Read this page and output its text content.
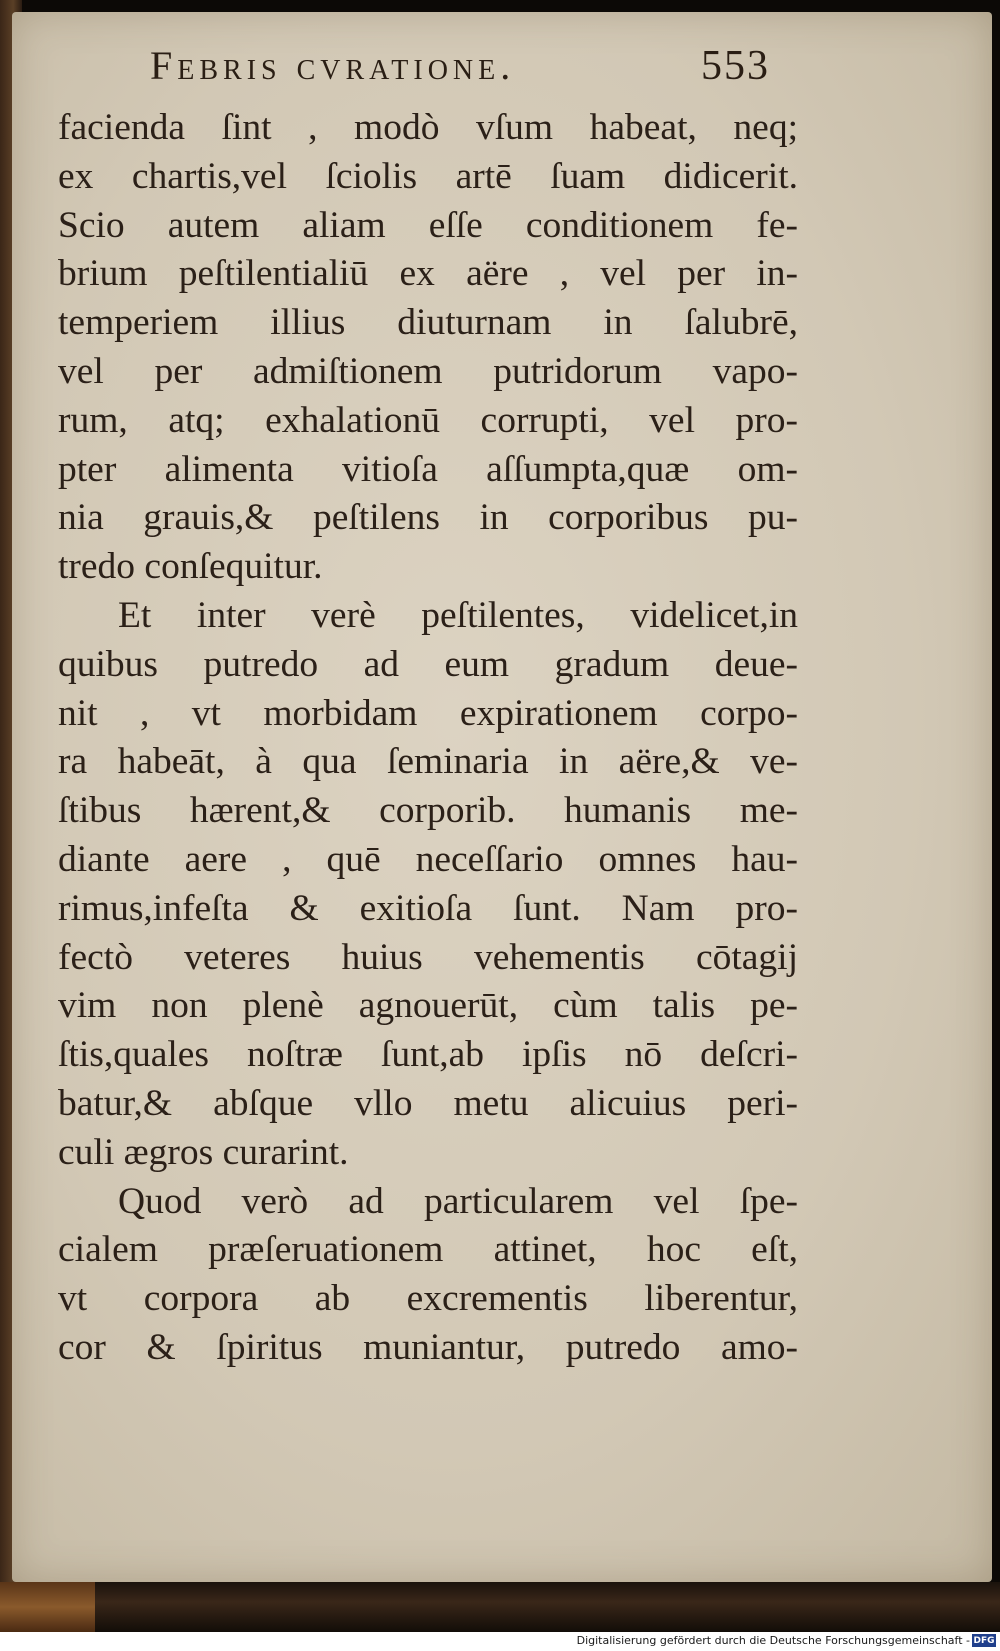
Febris cvratione.	553
facienda ſint , modò vſum habeat, neq;
ex chartis,vel ſciolis artē ſuam didicerit.
Scio autem aliam eſſe conditionem fe-
brium peſtilentialiū ex aëre , vel per in-
temperiem illius diuturnam in ſalubrē,
vel per admiſtionem putridorum vapo-
rum, atq; exhalationū corrupti, vel pro-
pter alimenta vitioſa aſſumpta,quæ om-
nia grauis,& peſtilens in corporibus pu-
tredo conſequitur.
Et inter verè peſtilentes, videlicet,in
quibus putredo ad eum gradum deue-
nit , vt morbidam expirationem corpo-
ra habeāt, à qua ſeminaria in aëre,& ve-
ſtibus hærent,& corporib. humanis me-
diante aere , quē neceſſario omnes hau-
rimus,infeſta & exitioſa ſunt. Nam pro-
fectò veteres huius vehementis cōtagij
vim non plenè agnouerūt, cùm talis pe-
ſtis,quales noſtræ ſunt,ab ipſis nō deſcri-
batur,& abſque vllo metu alicuius peri-
culi ægros curarint.
Quod verò ad particularem vel ſpe-
cialem præſeruationem attinet, hoc eſt,
vt corpora ab excrementis liberentur,
cor & ſpiritus muniantur, putredo amo-
Digitalisierung gefördert durch die Deutsche Forschungsgemeinschaft - DFG
